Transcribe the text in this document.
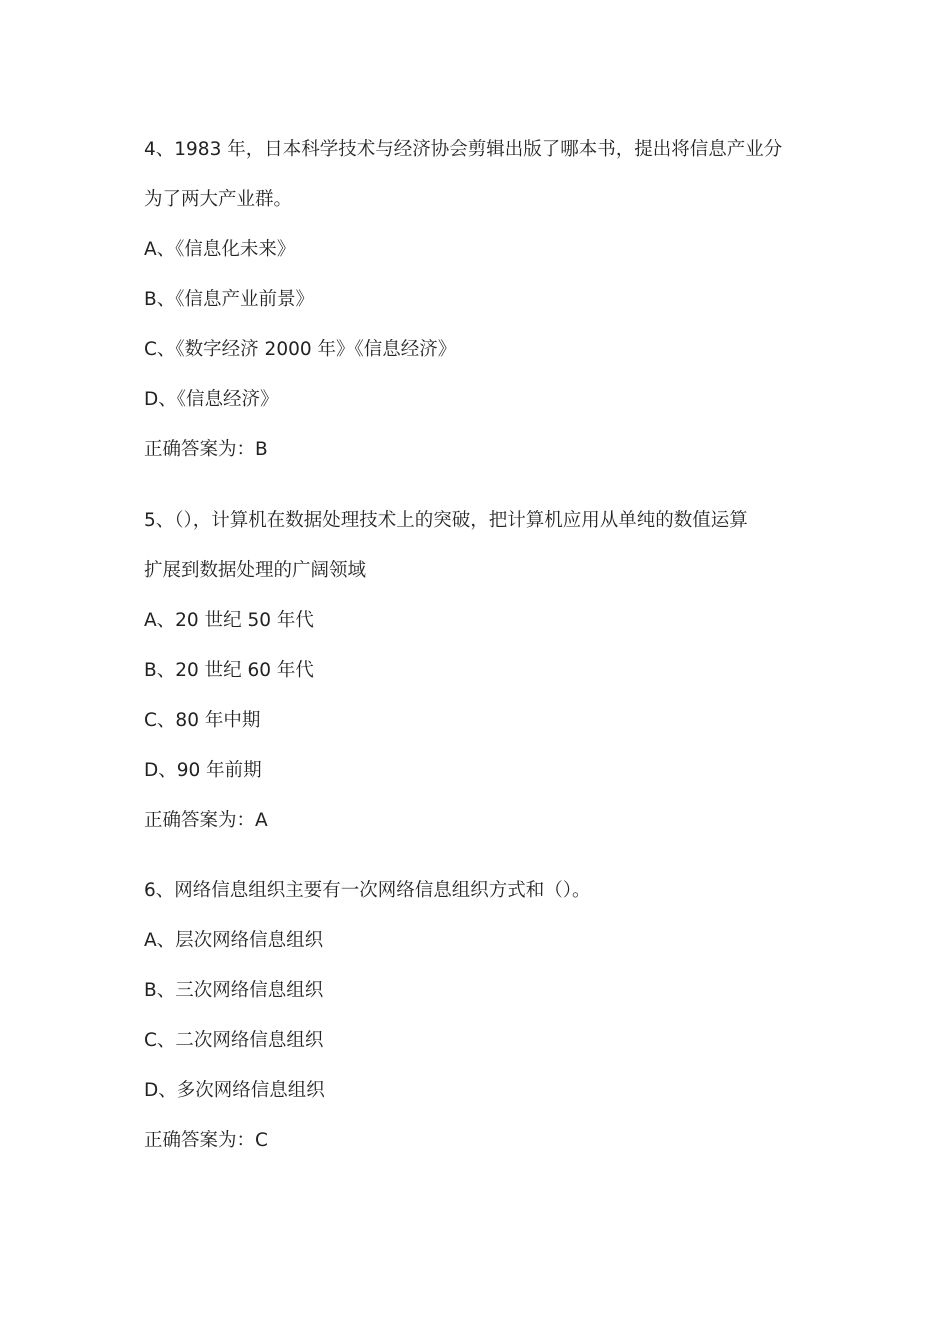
4、1983 年，日本科学技术与经济协会剪辑出版了哪本书，提出将信息产业分
为了两大产业群。
A、《信息化未来》
B、《信息产业前景》
C、《数字经济 2000 年》《信息经济》
D、《信息经济》
正确答案为：B
5、（），计算机在数据处理技术上的突破，把计算机应用从单纯的数值运算
扩展到数据处理的广阔领域
A、20 世纪 50 年代
B、20 世纪 60 年代
C、80 年中期
D、90 年前期
正确答案为：A
6、网络信息组织主要有一次网络信息组织方式和（）。
A、层次网络信息组织
B、三次网络信息组织
C、二次网络信息组织
D、多次网络信息组织
正确答案为：C
